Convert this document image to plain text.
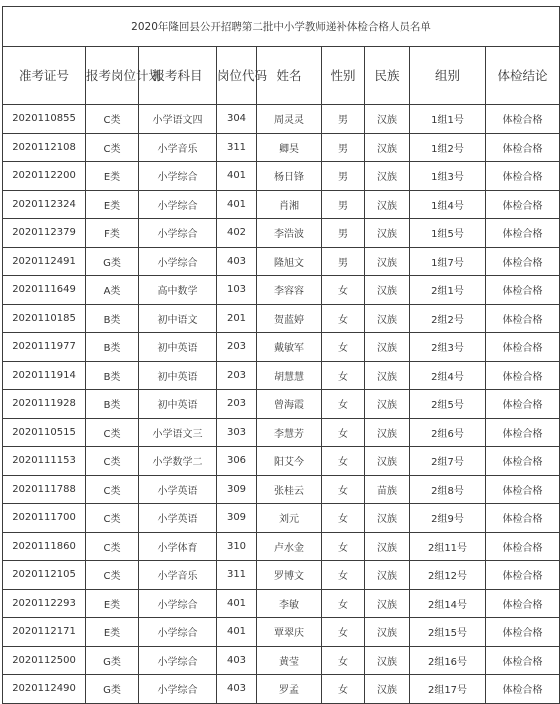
2020年隆回县公开招聘第二批中小学教师递补体检合格人员名单								
准考证号	报考岗位计划	报考科目	岗位代码	姓名	性别	民族	组别	体检结论
2020110855	C类	小学语文四	304	周灵灵	男	汉族	1组1号	体检合格
2020112108	C类	小学音乐	311	卿昊	男	汉族	1组2号	体检合格
2020112200	E类	小学综合	401	杨日锋	男	汉族	1组3号	体检合格
2020112324	E类	小学综合	401	肖湘	男	汉族	1组4号	体检合格
2020112379	F类	小学综合	402	李浩波	男	汉族	1组5号	体检合格
2020112491	G类	小学综合	403	隆旭文	男	汉族	1组7号	体检合格
2020111649	A类	高中数学	103	李容容	女	汉族	2组1号	体检合格
2020110185	B类	初中语文	201	贺蓝婷	女	汉族	2组2号	体检合格
2020111977	B类	初中英语	203	戴敏军	女	汉族	2组3号	体检合格
2020111914	B类	初中英语	203	胡慧慧	女	汉族	2组4号	体检合格
2020111928	B类	初中英语	203	曾海霞	女	汉族	2组5号	体检合格
2020110515	C类	小学语文三	303	李慧芳	女	汉族	2组6号	体检合格
2020111153	C类	小学数学二	306	阳艾今	女	汉族	2组7号	体检合格
2020111788	C类	小学英语	309	张桂云	女	苗族	2组8号	体检合格
2020111700	C类	小学英语	309	刘元	女	汉族	2组9号	体检合格
2020111860	C类	小学体育	310	卢水金	女	汉族	2组11号	体检合格
2020112105	C类	小学音乐	311	罗博文	女	汉族	2组12号	体检合格
2020112293	E类	小学综合	401	李敏	女	汉族	2组14号	体检合格
2020112171	E类	小学综合	401	覃翠庆	女	汉族	2组15号	体检合格
2020112500	G类	小学综合	403	黄莹	女	汉族	2组16号	体检合格
2020112490	G类	小学综合	403	罗孟	女	汉族	2组17号	体检合格
